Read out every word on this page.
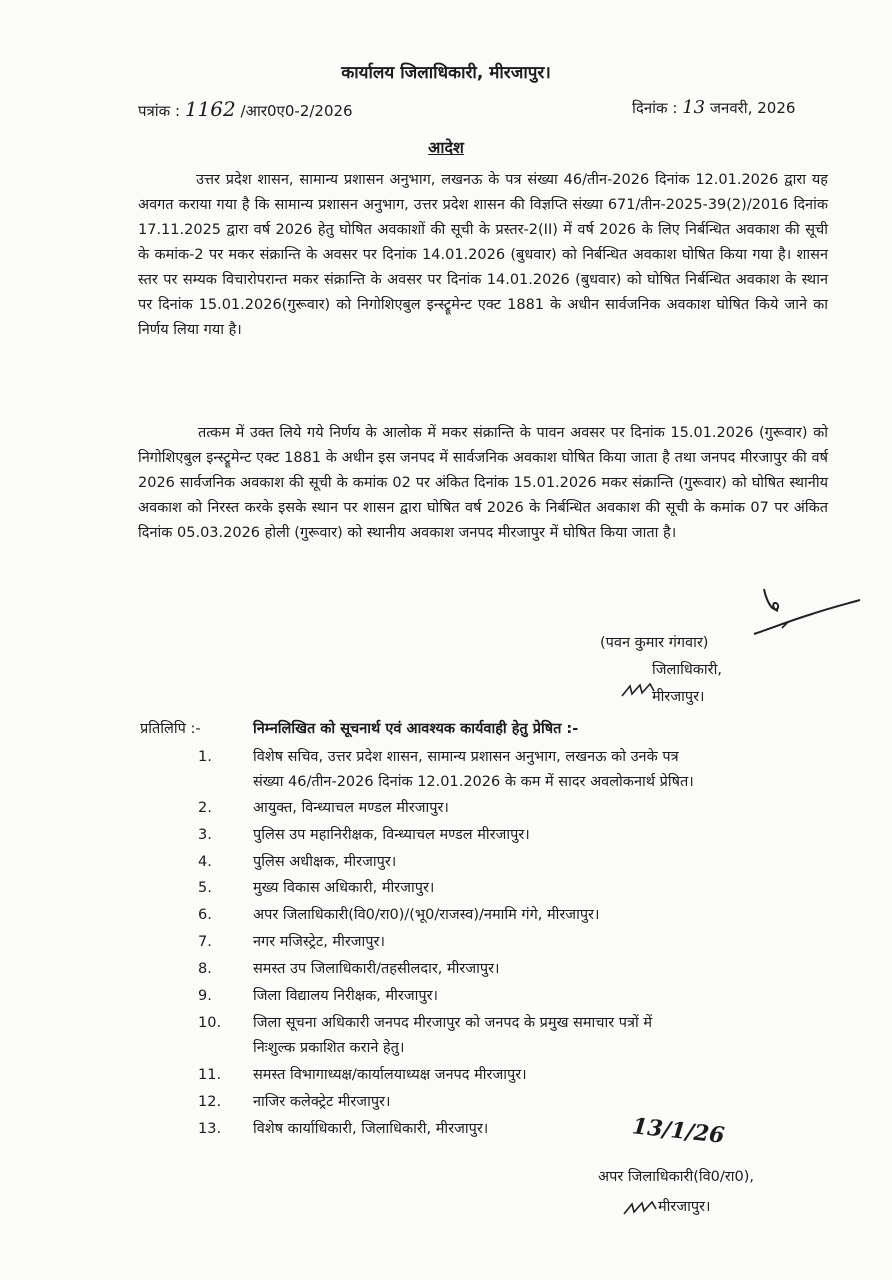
कार्यालय जिलाधिकारी, मीरजापुर।
पत्रांक : 1162 /आर0ए0-2/2026	दिनांक : 13 जनवरी, 2026
आदेश

उत्तर प्रदेश शासन, सामान्य प्रशासन अनुभाग, लखनऊ के पत्र संख्या 46/तीन-2026 दिनांक 12.01.2026 द्वारा यह अवगत कराया गया है कि सामान्य प्रशासन अनुभाग, उत्तर प्रदेश शासन की विज्ञप्ति संख्या 671/तीन-2025-39(2)/2016 दिनांक 17.11.2025 द्वारा वर्ष 2026 हेतु घोषित अवकाशों की सूची के प्रस्तर-2(II) में वर्ष 2026 के लिए निर्बन्धित अवकाश की सूची के कमांक-2 पर मकर संक्रान्ति के अवसर पर दिनांक 14.01.2026 (बुधवार) को निर्बन्धित अवकाश घोषित किया गया है। शासन स्तर पर सम्यक विचारोपरान्त मकर संक्रान्ति के अवसर पर दिनांक 14.01.2026 (बुधवार) को घोषित निर्बन्धित अवकाश के स्थान पर दिनांक 15.01.2026(गुरूवार) को निगोशिएबुल इन्स्ट्रूमेन्ट एक्ट 1881 के अधीन सार्वजनिक अवकाश घोषित किये जाने का निर्णय लिया गया है।

तत्कम में उक्त लिये गये निर्णय के आलोक में मकर संक्रान्ति के पावन अवसर पर दिनांक 15.01.2026 (गुरूवार) को निगोशिएबुल इन्स्ट्रूमेन्ट एक्ट 1881 के अधीन इस जनपद में सार्वजनिक अवकाश घोषित किया जाता है तथा जनपद मीरजापुर की वर्ष 2026 सार्वजनिक अवकाश की सूची के कमांक 02 पर अंकित दिनांक 15.01.2026 मकर संक्रान्ति (गुरूवार) को घोषित स्थानीय अवकाश को निरस्त करके इसके स्थान पर शासन द्वारा घोषित वर्ष 2026 के निर्बन्धित अवकाश की सूची के कमांक 07 पर अंकित दिनांक 05.03.2026 होली (गुरूवार) को स्थानीय अवकाश जनपद मीरजापुर में घोषित किया जाता है।

(पवन कुमार गंगवार)
जिलाधिकारी,
मीरजापुर।
प्रतिलिपि :-	निम्नलिखित को सूचनार्थ एवं आवश्यक कार्यवाही हेतु प्रेषित :-
1.	विशेष सचिव, उत्तर प्रदेश शासन, सामान्य प्रशासन अनुभाग, लखनऊ को उनके पत्र
संख्या 46/तीन-2026 दिनांक 12.01.2026 के कम में सादर अवलोकनार्थ प्रेषित।
2.	आयुक्त, विन्ध्याचल मण्डल मीरजापुर।
3.	पुलिस उप महानिरीक्षक, विन्ध्याचल मण्डल मीरजापुर।
4.	पुलिस अधीक्षक, मीरजापुर।
5.	मुख्य विकास अधिकारी, मीरजापुर।
6.	अपर जिलाधिकारी(वि0/रा0)/(भू0/राजस्व)/नमामि गंगे, मीरजापुर।
7.	नगर मजिस्ट्रेट, मीरजापुर।
8.	समस्त उप जिलाधिकारी/तहसीलदार, मीरजापुर।
9.	जिला विद्यालय निरीक्षक, मीरजापुर।
10.	जिला सूचना अधिकारी जनपद मीरजापुर को जनपद के प्रमुख समाचार पत्रों में
निःशुल्क प्रकाशित कराने हेतु।
11.	समस्त विभागाध्यक्ष/कार्यालयाध्यक्ष जनपद मीरजापुर।
12.	नाजिर कलेक्ट्रेट मीरजापुर।
13.	विशेष कार्याधिकारी, जिलाधिकारी, मीरजापुर।	13/1/26
अपर जिलाधिकारी(वि0/रा0),
मीरजापुर।
